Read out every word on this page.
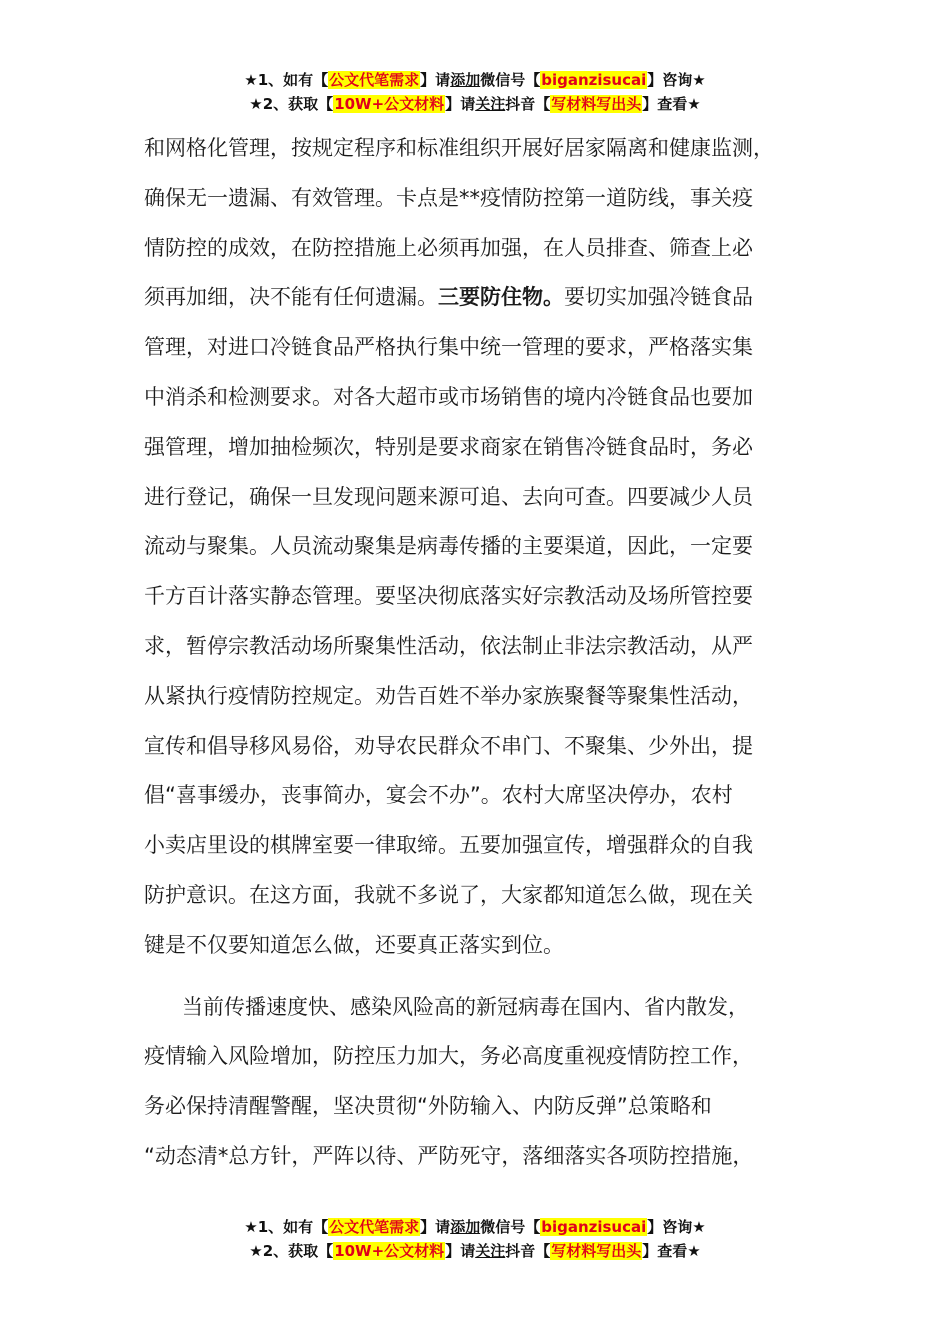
★1、如有【公文代笔需求】请添加微信号【biganzisucai】咨询★
★2、获取【10W+公文材料】请关注抖音【写材料写出头】查看★
和网格化管理，按规定程序和标准组织开展好居家隔离和健康监测，
确保无一遗漏、有效管理。卡点是**疫情防控第一道防线，事关疫
情防控的成效，在防控措施上必须再加强，在人员排查、筛查上必
须再加细，决不能有任何遗漏。三要防住物。要切实加强冷链食品
管理，对进口冷链食品严格执行集中统一管理的要求，严格落实集
中消杀和检测要求。对各大超市或市场销售的境内冷链食品也要加
强管理，增加抽检频次，特别是要求商家在销售冷链食品时，务必
进行登记，确保一旦发现问题来源可追、去向可查。四要减少人员
流动与聚集。人员流动聚集是病毒传播的主要渠道，因此，一定要
千方百计落实静态管理。要坚决彻底落实好宗教活动及场所管控要
求，暂停宗教活动场所聚集性活动，依法制止非法宗教活动，从严
从紧执行疫情防控规定。劝告百姓不举办家族聚餐等聚集性活动，
宣传和倡导移风易俗，劝导农民群众不串门、不聚集、少外出，提
倡“喜事缓办，丧事简办，宴会不办”。农村大席坚决停办，农村
小卖店里设的棋牌室要一律取缔。五要加强宣传，增强群众的自我
防护意识。在这方面，我就不多说了，大家都知道怎么做，现在关
键是不仅要知道怎么做，还要真正落实到位。
当前传播速度快、感染风险高的新冠病毒在国内、省内散发，
疫情输入风险增加，防控压力加大，务必高度重视疫情防控工作，
务必保持清醒警醒，坚决贯彻“外防输入、内防反弹”总策略和
“动态清*总方针，严阵以待、严防死守，落细落实各项防控措施，
★1、如有【公文代笔需求】请添加微信号【biganzisucai】咨询★
★2、获取【10W+公文材料】请关注抖音【写材料写出头】查看★
